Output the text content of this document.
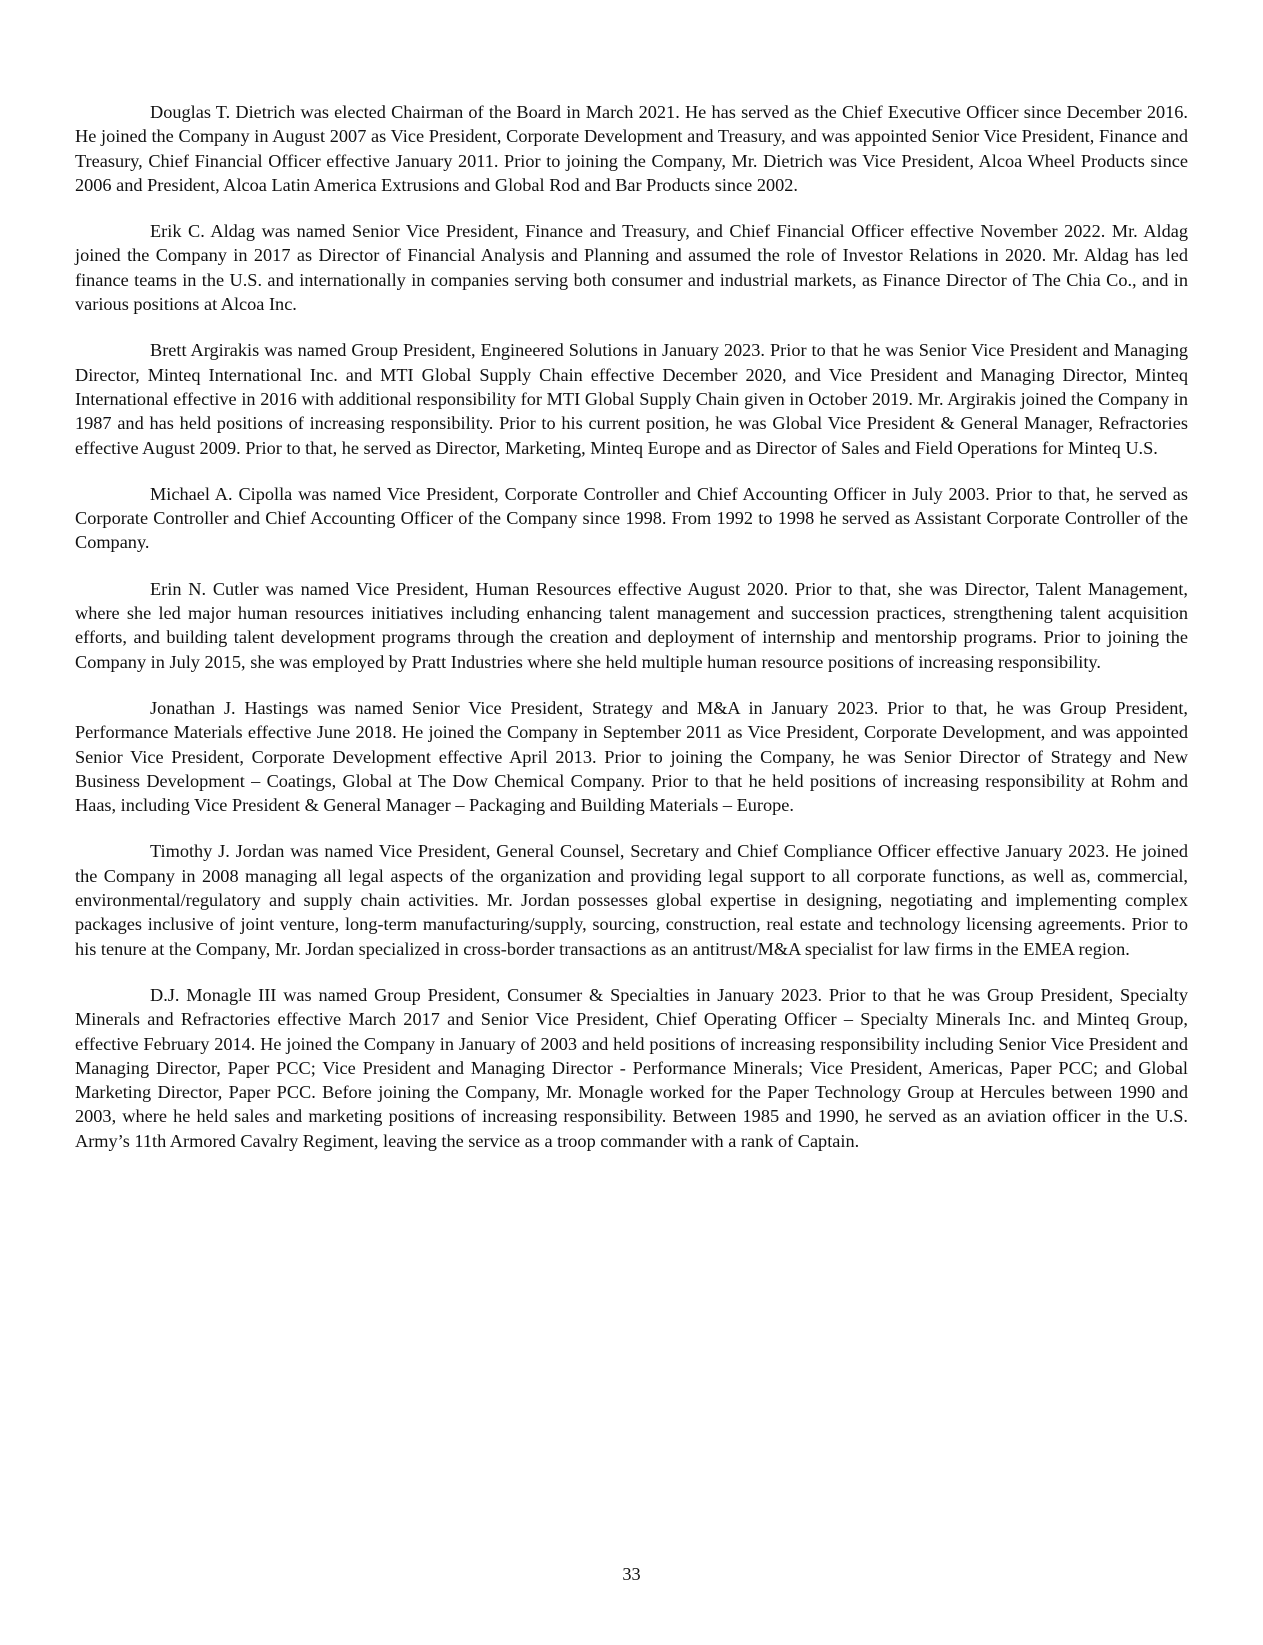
Douglas T. Dietrich was elected Chairman of the Board in March 2021. He has served as the Chief Executive Officer since December 2016. He joined the Company in August 2007 as Vice President, Corporate Development and Treasury, and was appointed Senior Vice President, Finance and Treasury, Chief Financial Officer effective January 2011. Prior to joining the Company, Mr. Dietrich was Vice President, Alcoa Wheel Products since 2006 and President, Alcoa Latin America Extrusions and Global Rod and Bar Products since 2002.

Erik C. Aldag was named Senior Vice President, Finance and Treasury, and Chief Financial Officer effective November 2022. Mr. Aldag joined the Company in 2017 as Director of Financial Analysis and Planning and assumed the role of Investor Relations in 2020. Mr. Aldag has led finance teams in the U.S. and internationally in companies serving both consumer and industrial markets, as Finance Director of The Chia Co., and in various positions at Alcoa Inc.

Brett Argirakis was named Group President, Engineered Solutions in January 2023. Prior to that he was Senior Vice President and Managing Director, Minteq International Inc. and MTI Global Supply Chain effective December 2020, and Vice President and Managing Director, Minteq International effective in 2016 with additional responsibility for MTI Global Supply Chain given in October 2019. Mr. Argirakis joined the Company in 1987 and has held positions of increasing responsibility. Prior to his current position, he was Global Vice President & General Manager, Refractories effective August 2009. Prior to that, he served as Director, Marketing, Minteq Europe and as Director of Sales and Field Operations for Minteq U.S.

Michael A. Cipolla was named Vice President, Corporate Controller and Chief Accounting Officer in July 2003. Prior to that, he served as Corporate Controller and Chief Accounting Officer of the Company since 1998. From 1992 to 1998 he served as Assistant Corporate Controller of the Company.

Erin N. Cutler was named Vice President, Human Resources effective August 2020. Prior to that, she was Director, Talent Management, where she led major human resources initiatives including enhancing talent management and succession practices, strengthening talent acquisition efforts, and building talent development programs through the creation and deployment of internship and mentorship programs. Prior to joining the Company in July 2015, she was employed by Pratt Industries where she held multiple human resource positions of increasing responsibility.

Jonathan J. Hastings was named Senior Vice President, Strategy and M&A in January 2023. Prior to that, he was Group President, Performance Materials effective June 2018. He joined the Company in September 2011 as Vice President, Corporate Development, and was appointed Senior Vice President, Corporate Development effective April 2013. Prior to joining the Company, he was Senior Director of Strategy and New Business Development – Coatings, Global at The Dow Chemical Company. Prior to that he held positions of increasing responsibility at Rohm and Haas, including Vice President & General Manager – Packaging and Building Materials – Europe.

Timothy J. Jordan was named Vice President, General Counsel, Secretary and Chief Compliance Officer effective January 2023. He joined the Company in 2008 managing all legal aspects of the organization and providing legal support to all corporate functions, as well as, commercial, environmental/regulatory and supply chain activities. Mr. Jordan possesses global expertise in designing, negotiating and implementing complex packages inclusive of joint venture, long-term manufacturing/supply, sourcing, construction, real estate and technology licensing agreements. Prior to his tenure at the Company, Mr. Jordan specialized in cross-border transactions as an antitrust/M&A specialist for law firms in the EMEA region.

D.J. Monagle III was named Group President, Consumer & Specialties in January 2023. Prior to that he was Group President, Specialty Minerals and Refractories effective March 2017 and Senior Vice President, Chief Operating Officer – Specialty Minerals Inc. and Minteq Group, effective February 2014. He joined the Company in January of 2003 and held positions of increasing responsibility including Senior Vice President and Managing Director, Paper PCC; Vice President and Managing Director - Performance Minerals; Vice President, Americas, Paper PCC; and Global Marketing Director, Paper PCC. Before joining the Company, Mr. Monagle worked for the Paper Technology Group at Hercules between 1990 and 2003, where he held sales and marketing positions of increasing responsibility. Between 1985 and 1990, he served as an aviation officer in the U.S. Army’s 11th Armored Cavalry Regiment, leaving the service as a troop commander with a rank of Captain.

33
